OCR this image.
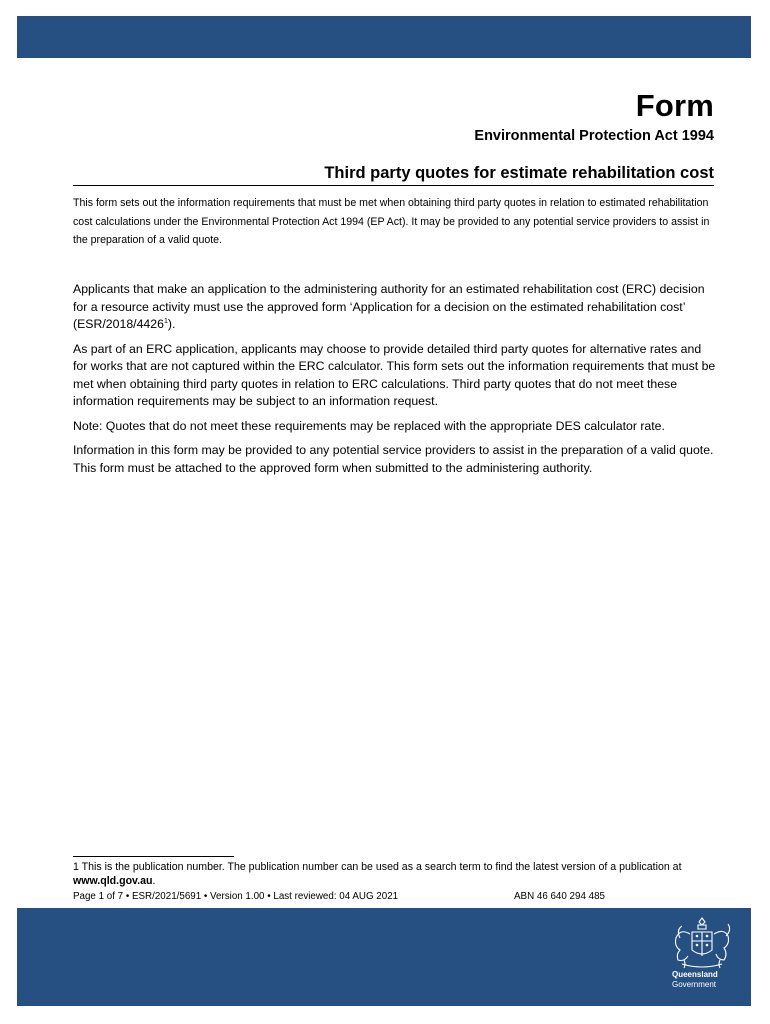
Form
Environmental Protection Act 1994
Third party quotes for estimate rehabilitation cost
This form sets out the information requirements that must be met when obtaining third party quotes in relation to estimated rehabilitation cost calculations under the Environmental Protection Act 1994 (EP Act). It may be provided to any potential service providers to assist in the preparation of a valid quote.

Applicants that make an application to the administering authority for an estimated rehabilitation cost (ERC) decision for a resource activity must use the approved form ‘Application for a decision on the estimated rehabilitation cost’ (ESR/2018/4426$^1$).

As part of an ERC application, applicants may choose to provide detailed third party quotes for alternative rates and for works that are not captured within the ERC calculator. This form sets out the information requirements that must be met when obtaining third party quotes in relation to ERC calculations. Third party quotes that do not meet these information requirements may be subject to an information request.

Note: Quotes that do not meet these requirements may be replaced with the appropriate DES calculator rate.

Information in this form may be provided to any potential service providers to assist in the preparation of a valid quote. This form must be attached to the approved form when submitted to the administering authority.

1 This is the publication number. The publication number can be used as a search term to find the latest version of a publication at www.qld.gov.au.
Page 1 of 7 • ESR/2021/5691 • Version 1.00 • Last reviewed: 04 AUG 2021	ABN 46 640 294 485
Queensland
Government
